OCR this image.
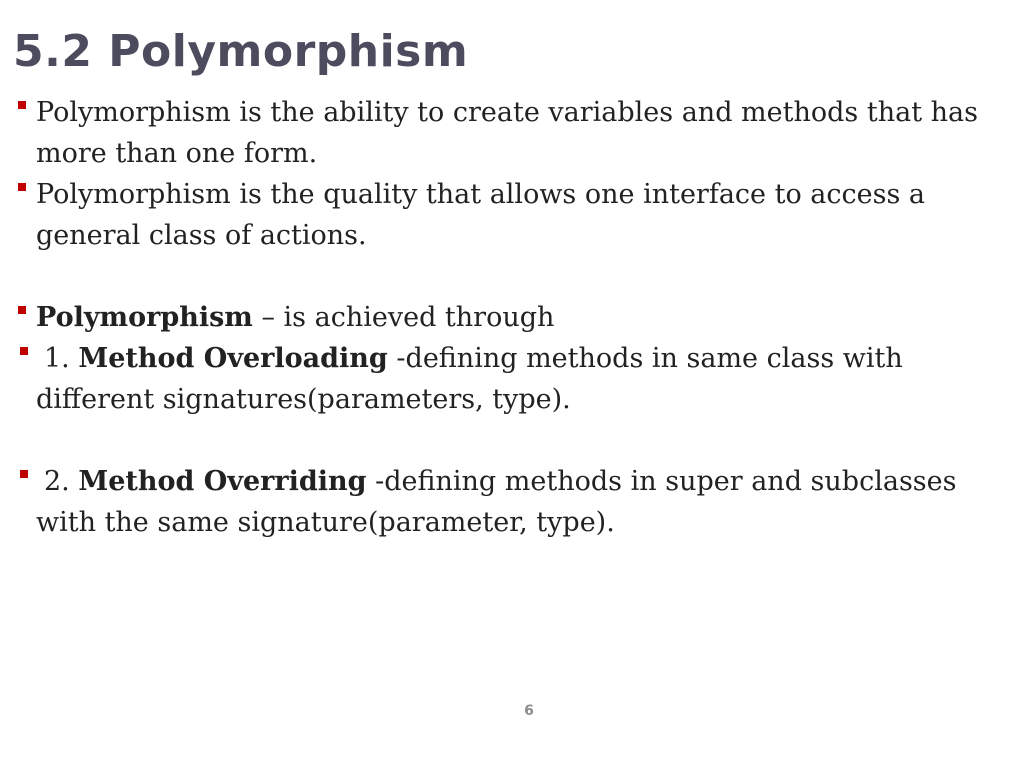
5.2 Polymorphism
Polymorphism is the ability to create variables and methods that has more than one form.
Polymorphism is the quality that allows one interface to access a general class of actions.
Polymorphism – is achieved through
1. Method Overloading -defining methods in same class with different signatures(parameters, type).
2. Method Overriding -defining methods in super and subclasses with the same signature(parameter, type).
6
